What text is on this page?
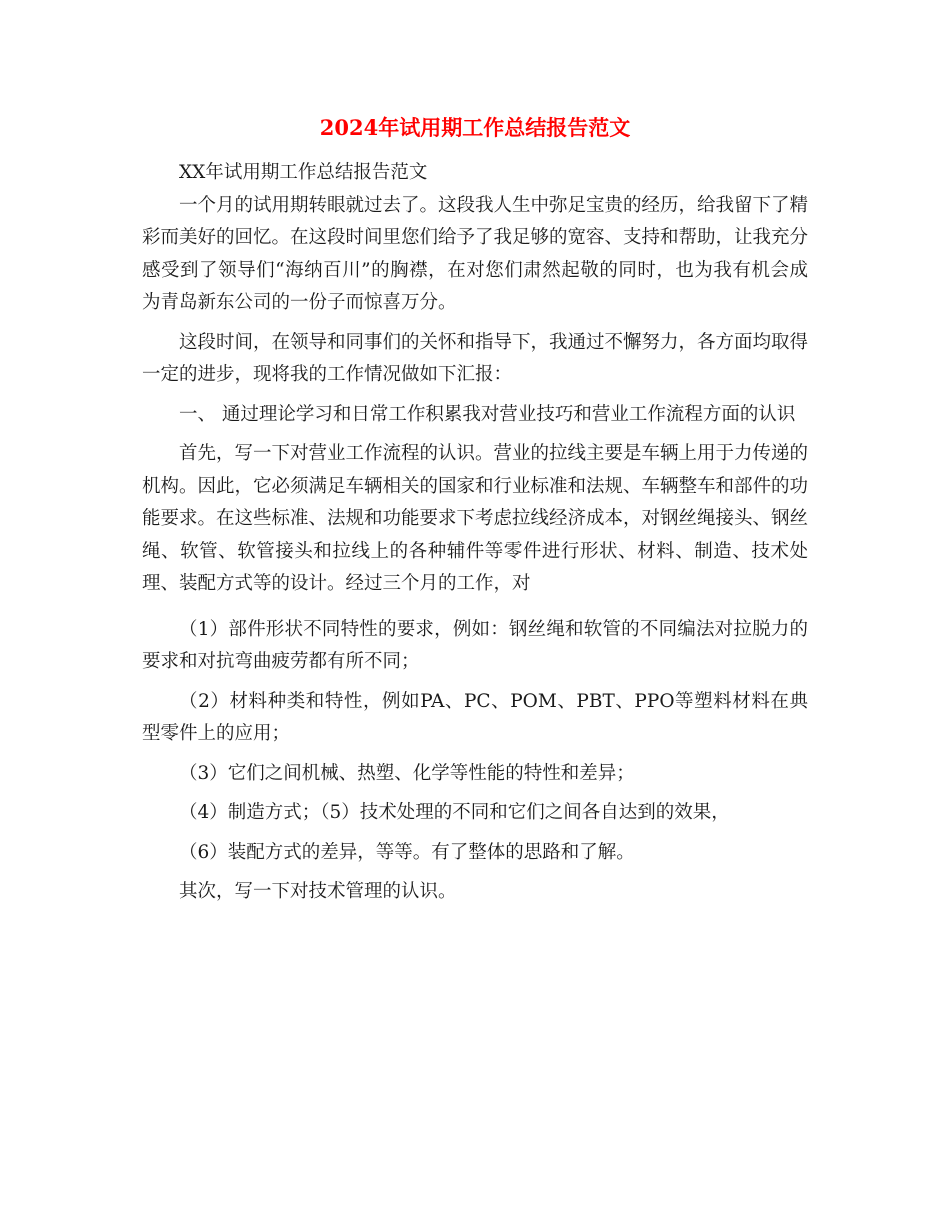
2024年试用期工作总结报告范文

XX年试用期工作总结报告范文

一个月的试用期转眼就过去了。这段我人生中弥足宝贵的经历，给我留下了精彩而美好的回忆。在这段时间里您们给予了我足够的宽容、支持和帮助，让我充分感受到了领导们“海纳百川”的胸襟，在对您们肃然起敬的同时，也为我有机会成为青岛新东公司的一份子而惊喜万分。

这段时间，在领导和同事们的关怀和指导下，我通过不懈努力，各方面均取得一定的进步，现将我的工作情况做如下汇报：

一、 通过理论学习和日常工作积累我对营业技巧和营业工作流程方面的认识

首先，写一下对营业工作流程的认识。营业的拉线主要是车辆上用于力传递的机构。因此，它必须满足车辆相关的国家和行业标准和法规、车辆整车和部件的功能要求。在这些标准、法规和功能要求下考虑拉线经济成本，对钢丝绳接头、钢丝绳、软管、软管接头和拉线上的各种辅件等零件进行形状、材料、制造、技术处理、装配方式等的设计。经过三个月的工作，对

（1）部件形状不同特性的要求，例如：钢丝绳和软管的不同编法对拉脱力的要求和对抗弯曲疲劳都有所不同；

（2）材料种类和特性，例如PA、PC、POM、PBT、PPO等塑料材料在典型零件上的应用；

（3）它们之间机械、热塑、化学等性能的特性和差异；

（4）制造方式；（5）技术处理的不同和它们之间各自达到的效果，

（6）装配方式的差异，等等。有了整体的思路和了解。

其次，写一下对技术管理的认识。
